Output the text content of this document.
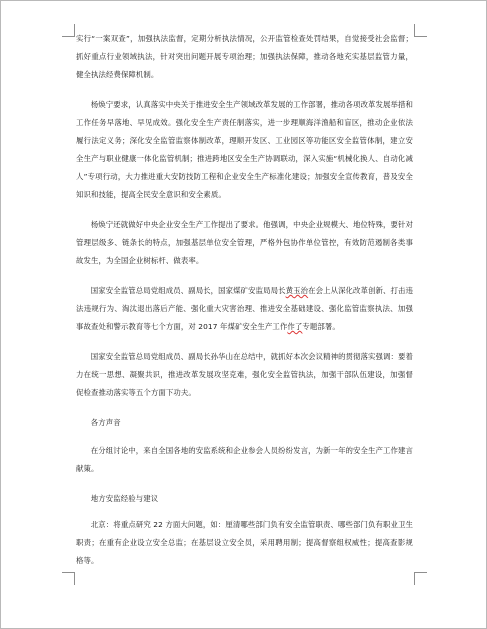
实行“一案双查”，加强执法监督，定期分析执法情况，公开监管检查处罚结果，自觉接受社会监督；抓好重点行业领域执法，针对突出问题开展专项治理；加强执法保障，推动各地充实基层监管力量，健全执法经费保障机制。

杨焕宁要求，认真落实中央关于推进安全生产领域改革发展的工作部署，推动各项改革发展举措和工作任务早落地、早见成效。强化安全生产责任制落实，进一步理顺海洋渔船和盲区，推动企业依法履行法定义务；深化安全监管监察体制改革，理顺开发区、工业园区等功能区安全监管体制，建立安全生产与职业健康一体化监管机制；推进跨地区安全生产协调联动，深入实施“机械化换人、自动化减人”专项行动，大力推进重大安防技防工程和企业安全生产标准化建设；加强安全宣传教育，普及安全知识和技能，提高全民安全意识和安全素质。

杨焕宁还就做好中央企业安全生产工作提出了要求。他强调，中央企业规模大、地位特殊，要针对管理层级多、链条长的特点，加强基层单位安全管理，严格外包协作单位管控，有效防范遏制各类事故发生，为全国企业树标杆、做表率。

国家安全监管总局党组成员、副局长，国家煤矿安监局局长黄玉治在会上从深化改革创新、打击违法违规行为、淘汰退出落后产能、强化重大灾害治理、推进安全基础建设、强化监管监察执法、加强事故查处和警示教育等七个方面，对 2017 年煤矿安全生产工作作了专题部署。

国家安全监管总局党组成员、副局长孙华山在总结中，就抓好本次会议精神的贯彻落实强调：要着力在统一思想、凝聚共识，推进改革发展攻坚克难，强化安全监管执法，加强干部队伍建设，加强督促检查推动落实等五个方面下功夫。

各方声音

在分组讨论中，来自全国各地的安监系统和企业参会人员纷纷发言，为新一年的安全生产工作建言献策。

地方安监经验与建议

北京：将重点研究 22 方面大问题，如：厘清哪些部门负有安全监管职责、哪些部门负有职业卫生职责；在重有企业设立安全总监；在基层设立安全员，采用聘用制；提高督察组权威性；提高查影规格等。
